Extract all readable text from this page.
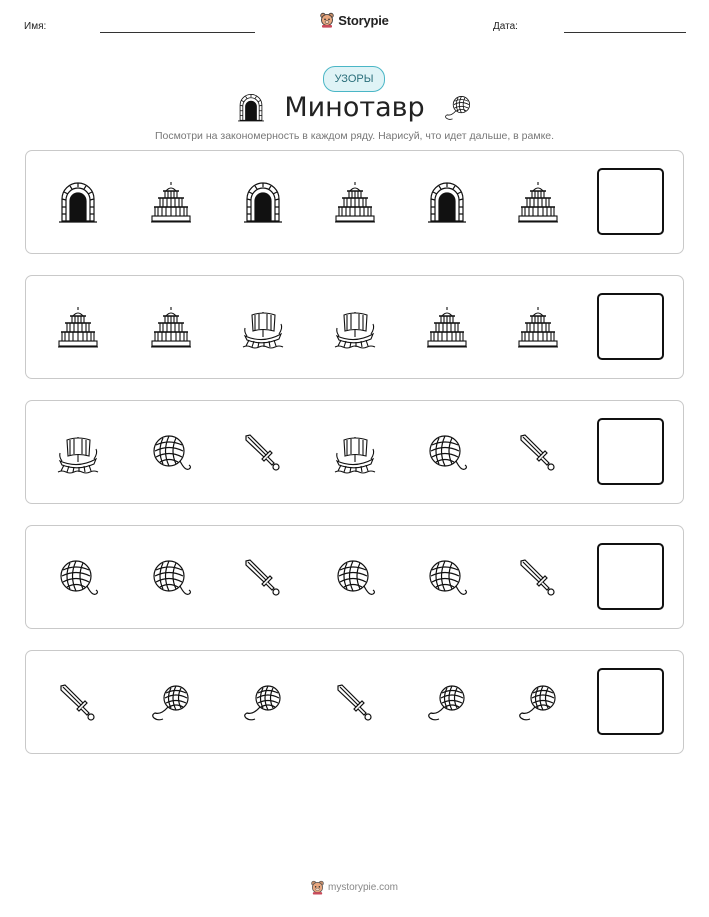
Имя:	Storypie	Дата:
УЗОРЫ
Минотавр
Посмотри на закономерность в каждом ряду. Нарисуй, что идет дальше, в рамке.
mystorypie.com
